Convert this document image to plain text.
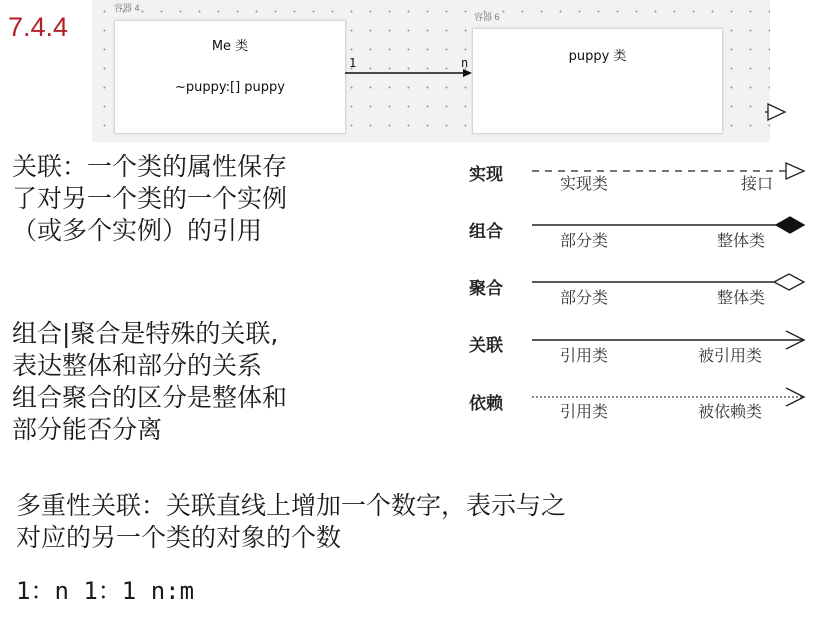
7.4.4
容器 4
Me 类
~puppy:[] puppy
容器 6
puppy 类
1	n
关联：一个类的属性保存
了对另一个类的一个实例
（或多个实例）的引用
组合|聚合是特殊的关联,
表达整体和部分的关系
组合聚合的区分是整体和
部分能否分离
多重性关联：关联直线上增加一个数字，表示与之
对应的另一个类的对象的个数
1：n 1：1 n:m
实现
组合
聚合
关联
依赖
实现类
部分类
部分类
引用类
引用类
接口
整体类
整体类
被引用类
被依赖类
